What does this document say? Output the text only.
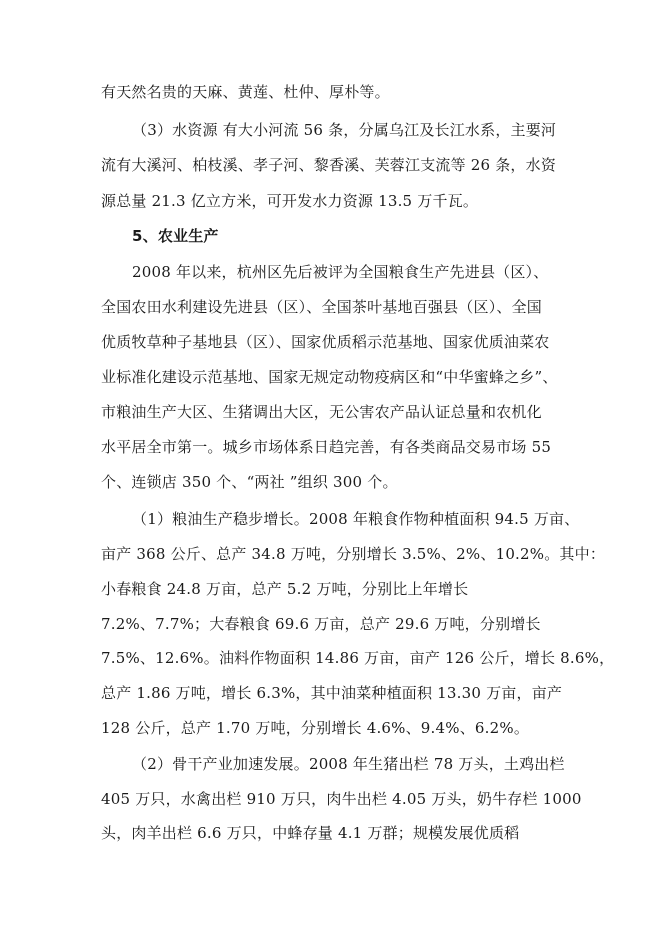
有天然名贵的天麻、黄莲、杜仲、厚朴等。
（3）水资源 有大小河流 56 条，分属乌江及长江水系，主要河
流有大溪河、柏枝溪、孝子河、黎香溪、芙蓉江支流等 26 条，水资
源总量 21.3 亿立方米，可开发水力资源 13.5 万千瓦。
5、农业生产
2008 年以来，杭州区先后被评为全国粮食生产先进县（区）、
全国农田水利建设先进县（区）、全国茶叶基地百强县（区）、全国
优质牧草种子基地县（区）、国家优质稻示范基地、国家优质油菜农
业标准化建设示范基地、国家无规定动物疫病区和“中华蜜蜂之乡”、
市粮油生产大区、生猪调出大区，无公害农产品认证总量和农机化
水平居全市第一。城乡市场体系日趋完善，有各类商品交易市场 55
个、连锁店 350 个、“两社 ”组织 300 个。
（1）粮油生产稳步增长。2008 年粮食作物种植面积 94.5 万亩、
亩产 368 公斤、总产 34.8 万吨，分别增长 3.5%、2%、10.2%。其中：
小春粮食 24.8 万亩，总产 5.2 万吨，分别比上年增长
7.2%、7.7%；大春粮食 69.6 万亩，总产 29.6 万吨，分别增长
7.5%、12.6%。油料作物面积 14.86 万亩，亩产 126 公斤，增长 8.6%，
总产 1.86 万吨，增长 6.3%，其中油菜种植面积 13.30 万亩，亩产
128 公斤，总产 1.70 万吨，分别增长 4.6%、9.4%、6.2%。
（2）骨干产业加速发展。2008 年生猪出栏 78 万头，土鸡出栏
405 万只，水禽出栏 910 万只，肉牛出栏 4.05 万头，奶牛存栏 1000
头，肉羊出栏 6.6 万只，中蜂存量 4.1 万群；规模发展优质稻
